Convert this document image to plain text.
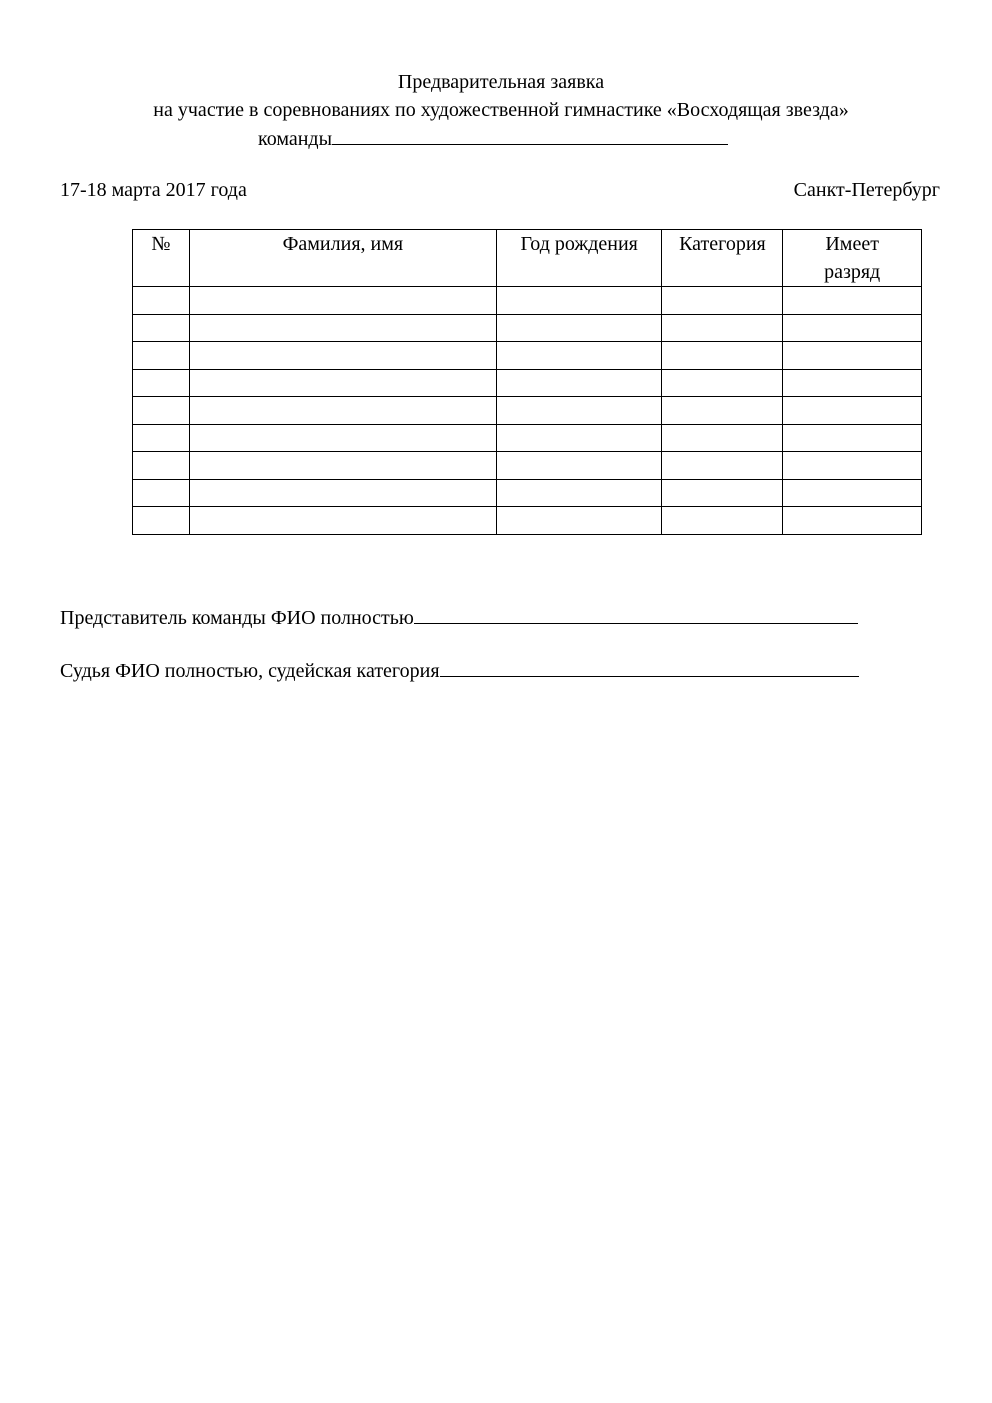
Предварительная заявка
на участие в соревнованиях по художественной гимнастике «Восходящая звезда»
команды
17-18 марта 2017 года	Санкт-Петербург
№	Фамилия, имя	Год рождения	Категория	Имеет
разряд

Представитель команды ФИО полностью
Судья ФИО полностью, судейская категория
